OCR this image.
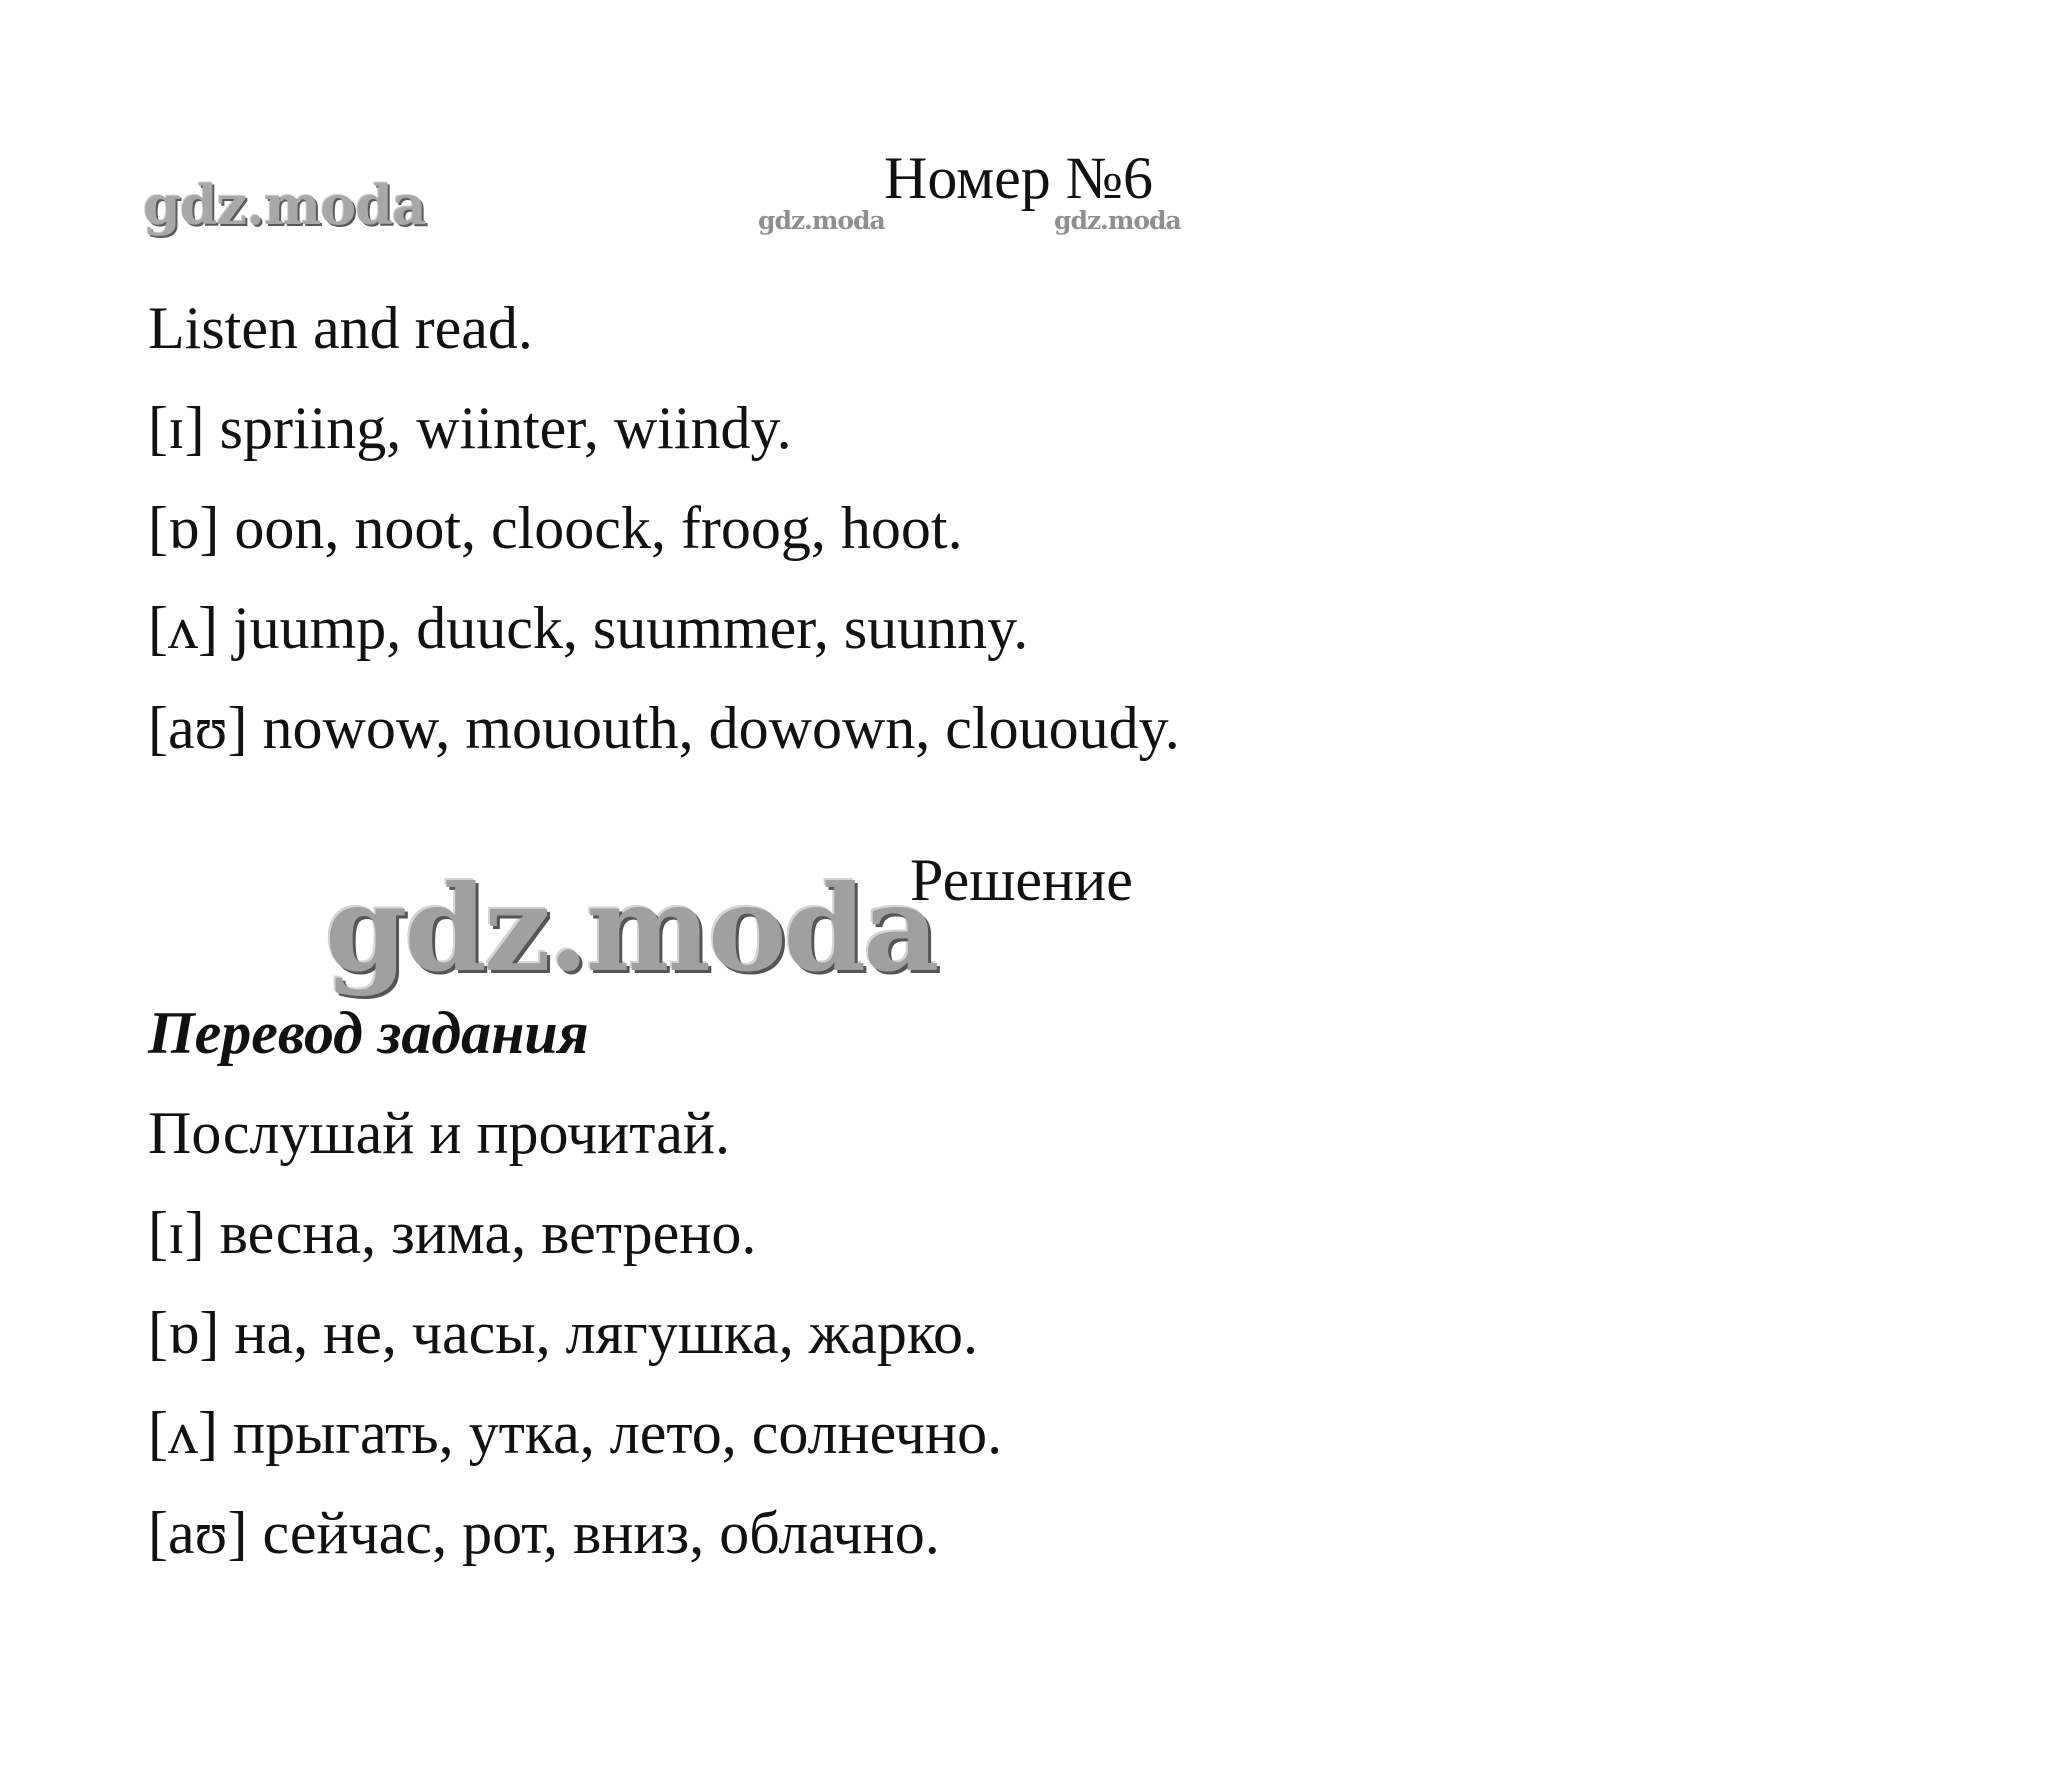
gdz.moda	gdz.moda	gdz.moda
Номер №6
Listen and read.
[ɪ] spriing, wiinter, wiindy.
[ɒ] oon, noot, cloock, froog, hoot.
[ʌ] juump, duuck, suummer, suunny.
[aʊ] nowow, mououth, dowown, clououdy.
gdz.moda
Решение
Перевод задания
Послушай и прочитай.
[ɪ] весна, зима, ветрено.
[ɒ] на, не, часы, лягушка, жарко.
[ʌ] прыгать, утка, лето, солнечно.
[aʊ] сейчас, рот, вниз, облачно.
